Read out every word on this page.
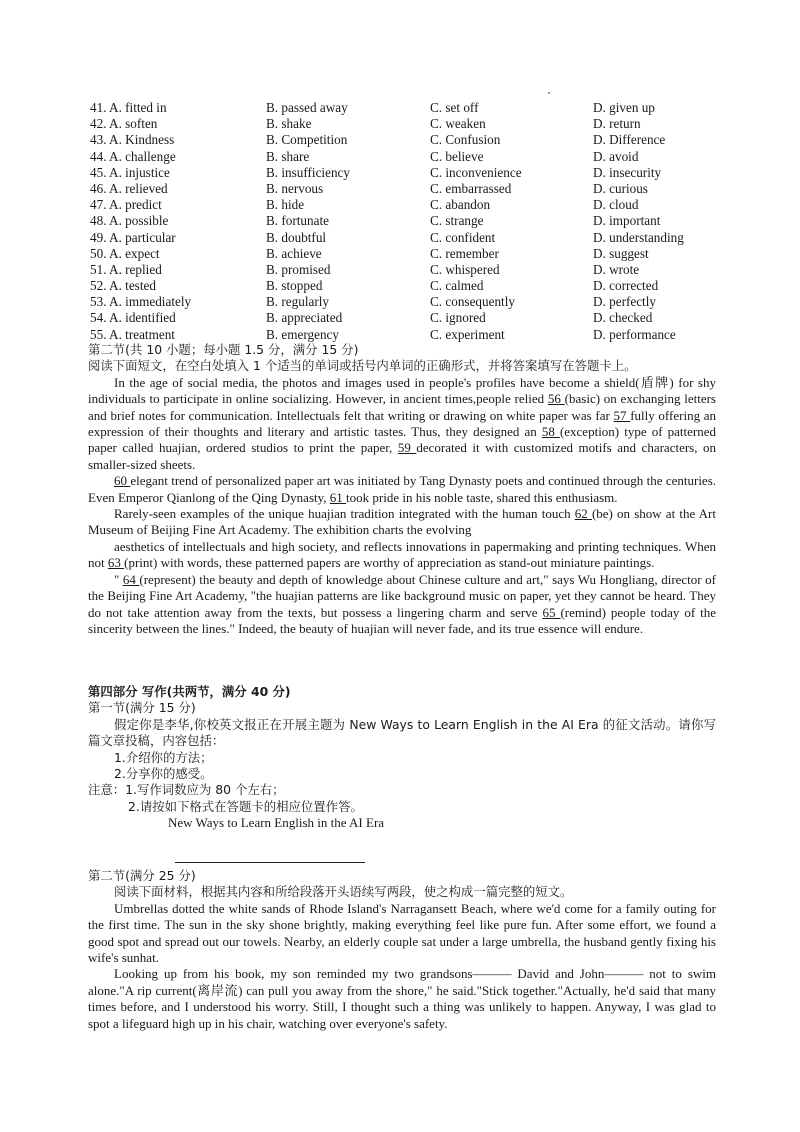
41. A. fitted in	B. passed away	C. set off	D. given up
42. A. soften	B. shake	C. weaken	D. return
43. A. Kindness	B. Competition	C. Confusion	D. Difference
44. A. challenge	B. share	C. believe	D. avoid
45. A. injustice	B. insufficiency	C. inconvenience	D. insecurity
46. A. relieved	B. nervous	C. embarrassed	D. curious
47. A. predict	B. hide	C. abandon	D. cloud
48. A. possible	B. fortunate	C. strange	D. important
49. A. particular	B. doubtful	C. confident	D. understanding
50. A. expect	B. achieve	C. remember	D. suggest
51. A. replied	B. promised	C. whispered	D. wrote
52. A. tested	B. stopped	C. calmed	D. corrected
53. A. immediately	B. regularly	C. consequently	D. perfectly
54. A. identified	B. appreciated	C. ignored	D. checked
55. A. treatment	B. emergency	C. experiment	D. performance

第二节(共 10 小题；每小题 1.5 分，满分 15 分)

阅读下面短文，在空白处填入 1 个适当的单词或括号内单词的正确形式，并将答案填写在答题卡上。

In the age of social media, the photos and images used in people's profiles have become a shield(盾牌) for shy individuals to participate in online socializing. However, in ancient times,people relied 56 (basic) on exchanging letters and brief notes for communication. Intellectuals felt that writing or drawing on white paper was far 57 fully offering an expression of their thoughts and literary and artistic tastes. Thus, they designed an 58 (exception) type of patterned paper called huajian, ordered studios to print the paper, 59 decorated it with customized motifs and characters, on smaller-sized sheets.

60 elegant trend of personalized paper art was initiated by Tang Dynasty poets and continued through the centuries. Even Emperor Qianlong of the Qing Dynasty, 61 took pride in his noble taste, shared this enthusiasm.

Rarely-seen examples of the unique huajian tradition integrated with the human touch 62 (be) on show at the Art Museum of Beijing Fine Art Academy. The exhibition charts the evolving

aesthetics of intellectuals and high society, and reflects innovations in papermaking and printing techniques. When not 63 (print) with words, these patterned papers are worthy of appreciation as stand-out miniature paintings.

" 64 (represent) the beauty and depth of knowledge about Chinese culture and art," says Wu Hongliang, director of the Beijing Fine Art Academy, "the huajian patterns are like background music on paper, yet they cannot be heard. They do not take attention away from the texts, but possess a lingering charm and serve 65 (remind) people today of the sincerity between the lines." Indeed, the beauty of huajian will never fade, and its true essence will endure.

第四部分 写作(共两节，满分 40 分)

第一节(满分 15 分)

假定你是李华,你校英文报正在开展主题为 New Ways to Learn English in the AI Era 的征文活动。请你写篇文章投稿，内容包括：

1.介绍你的方法；

2.分享你的感受。

注意：1.写作词数应为 80 个左右；

2.请按如下格式在答题卡的相应位置作答。

New Ways to Learn English in the AI Era

第二节(满分 25 分)

阅读下面材料，根据其内容和所给段落开头语续写两段，使之构成一篇完整的短文。

Umbrellas dotted the white sands of Rhode Island's Narragansett Beach, where we'd come for a family outing for the first time. The sun in the sky shone brightly, making everything feel like pure fun. After some effort, we found a good spot and spread out our towels. Nearby, an elderly couple sat under a large umbrella, the husband gently fixing his wife's sunhat.

Looking up from his book, my son reminded my two grandsons——— David and John——— not to swim alone."A rip current(离岸流) can pull you away from the shore," he said."Stick together."Actually, he'd said that many times before, and I understood his worry. Still, I thought such a thing was unlikely to happen. Anyway, I was glad to spot a lifeguard high up in his chair, watching over everyone's safety.
